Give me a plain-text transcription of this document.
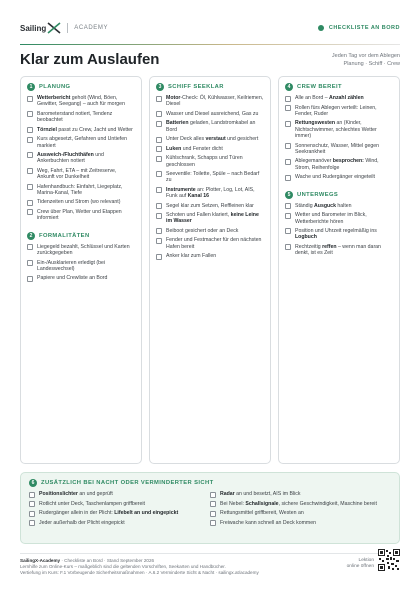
Sailing	ACADEMY	CHECKLISTE AN BORD
Klar zum Auslaufen	Jeden Tag vor dem Ablegen
Planung · Schiff · Crew
1	PLANUNG
Wetterbericht geholt (Wind, Böen, Gewitter, Seegang) – auch für morgen
Barometerstand notiert, Tendenz beobachtet
Törnziel passt zu Crew, Jacht und Wetter
Kurs abgesetzt, Gefahren und Untiefen markiert
Ausweich-/Fluchthäfen und Ankerbuchten notiert
Weg, Fahrt, ETA – mit Zeitreserve, Ankunft vor Dunkelheit
Hafenhandbuch: Einfahrt, Liegeplatz, Marina-Kanal, Tiefe
Tidenzeiten und Strom (wo relevant)
Crew über Plan, Wetter und Etappen informiert
2	FORMALITÄTEN
Liegegeld bezahlt, Schlüssel und Karten zurückgegeben
Ein-/Ausklarieren erledigt (bei Landeswechsel)
Papiere und Crewliste an Bord
3	SCHIFF SEEKLAR
Motor-Check: Öl, Kühlwasser, Keilriemen, Diesel
Wasser und Diesel ausreichend, Gas zu
Batterien geladen, Landstromkabel an Bord
Unter Deck alles verstaut und gesichert
Luken und Fenster dicht
Kühlschrank, Schapps und Türen geschlossen
Seeventile: Toilette, Spüle – nach Bedarf zu
Instrumente an: Plotter, Log, Lot, AIS, Funk auf Kanal 16
Segel klar zum Setzen, Reffleinen klar
Schoten und Fallen klariert, keine Leine im Wasser
Beiboot gesichert oder an Deck
Fender und Festmacher für den nächsten Hafen bereit
Anker klar zum Fallen
4	CREW BEREIT
Alle an Bord – Anzahl zählen
Rollen fürs Ablegen verteilt: Leinen, Fender, Ruder
Rettungswesten an (Kinder, Nichtschwimmer, schlechtes Wetter immer)
Sonnenschutz, Wasser, Mittel gegen Seekrankheit
Ablegemanöver besprochen: Wind, Strom, Reihenfolge
Wache und Rudergänger eingeteilt
5	UNTERWEGS
Ständig Ausguck halten
Wetter und Barometer im Blick, Wetterberichte hören
Position und Uhrzeit regelmäßig ins Logbuch
Rechtzeitig reffen – wenn man daran denkt, ist es Zeit
6	ZUSÄTZLICH BEI NACHT ODER VERMINDERTER SICHT
Positionslichter an und geprüft
Rotlicht unter Deck, Taschenlampen griffbereit
Rudergänger allein in der Plicht: Lifebelt an und eingepickt
Jeder außerhalb der Plicht eingepickt
Radar an und besetzt, AIS im Blick
Bei Nebel: Schallsignale, sichere Geschwindigkeit, Maschine bereit
Rettungsmittel griffbereit, Westen an
Freiwache kann schnell an Deck kommen
SailingX-Academy · Checkliste an Bord · Stand September 2026
Lernhilfe zum Online-Kurs – maßgeblich sind die geltenden Vorschriften, Seekarten und Handbücher.
Vertiefung im Kurs: F.1 Vorbeugende Sicherheitsmaßnahmen · A.6.2 Verminderte Sicht & Nacht · sailingx.at/academy
Lektion
online öffnen
